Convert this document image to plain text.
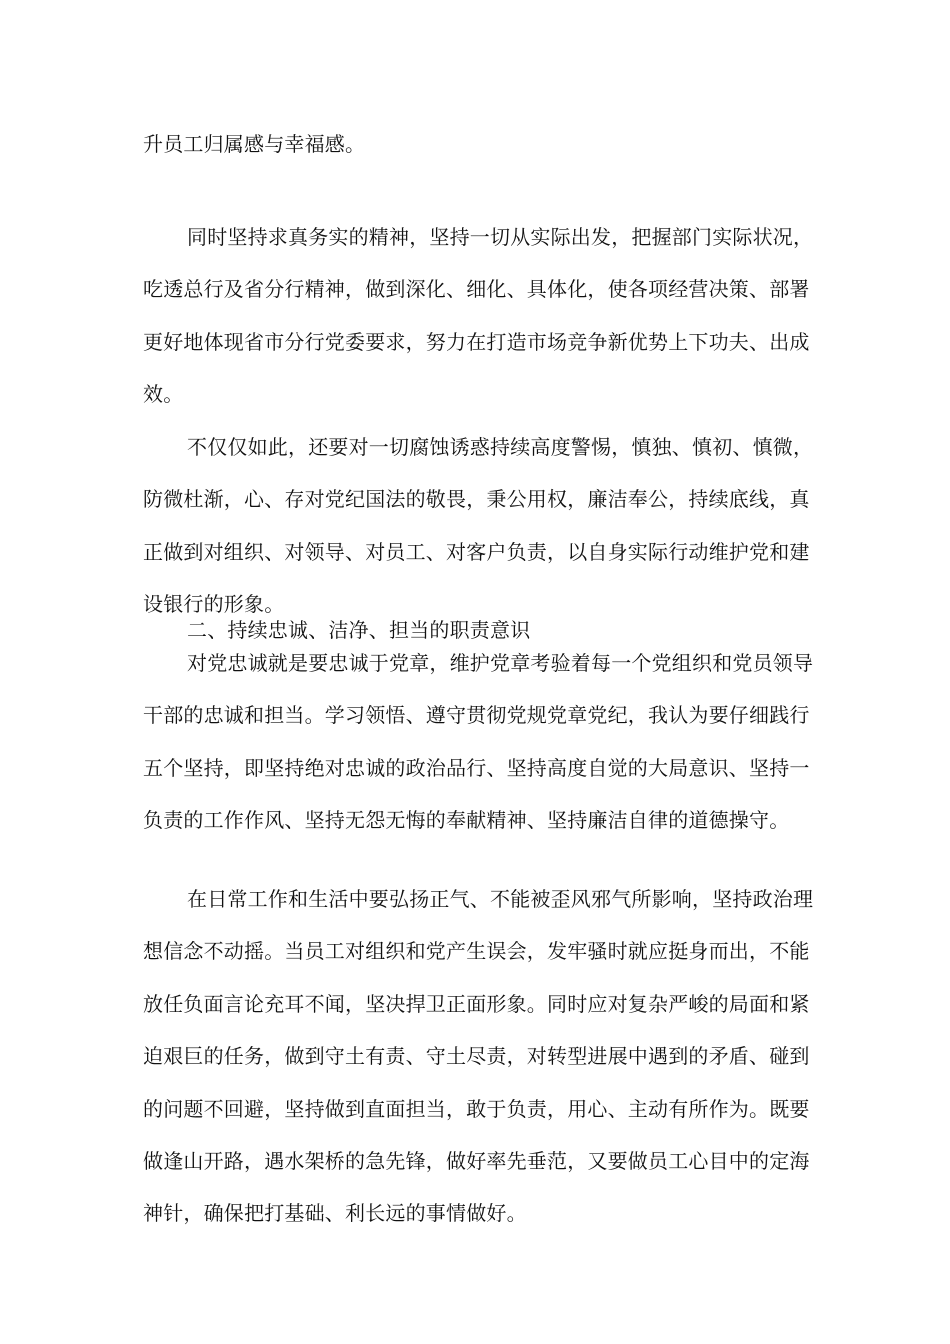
升员工归属感与幸福感。
同时坚持求真务实的精神，坚持一切从实际出发，把握部门实际状况，
吃透总行及省分行精神，做到深化、细化、具体化，使各项经营决策、部署
更好地体现省市分行党委要求，努力在打造市场竞争新优势上下功夫、出成
效。
不仅仅如此，还要对一切腐蚀诱惑持续高度警惕，慎独、慎初、慎微，
防微杜渐，心、存对党纪国法的敬畏，秉公用权，廉洁奉公，持续底线，真
正做到对组织、对领导、对员工、对客户负责，以自身实际行动维护党和建
设银行的形象。
二、持续忠诚、洁净、担当的职责意识
对党忠诚就是要忠诚于党章，维护党章考验着每一个党组织和党员领导
干部的忠诚和担当。学习领悟、遵守贯彻党规党章党纪，我认为要仔细践行
五个坚持，即坚持绝对忠诚的政治品行、坚持高度自觉的大局意识、坚持一
负责的工作作风、坚持无怨无悔的奉献精神、坚持廉洁自律的道德操守。
在日常工作和生活中要弘扬正气、不能被歪风邪气所影响，坚持政治理
想信念不动摇。当员工对组织和党产生误会，发牢骚时就应挺身而出，不能
放任负面言论充耳不闻，坚决捍卫正面形象。同时应对复杂严峻的局面和紧
迫艰巨的任务，做到守土有责、守土尽责，对转型进展中遇到的矛盾、碰到
的问题不回避，坚持做到直面担当，敢于负责，用心、主动有所作为。既要
做逢山开路，遇水架桥的急先锋，做好率先垂范，又要做员工心目中的定海
神针，确保把打基础、利长远的事情做好。
